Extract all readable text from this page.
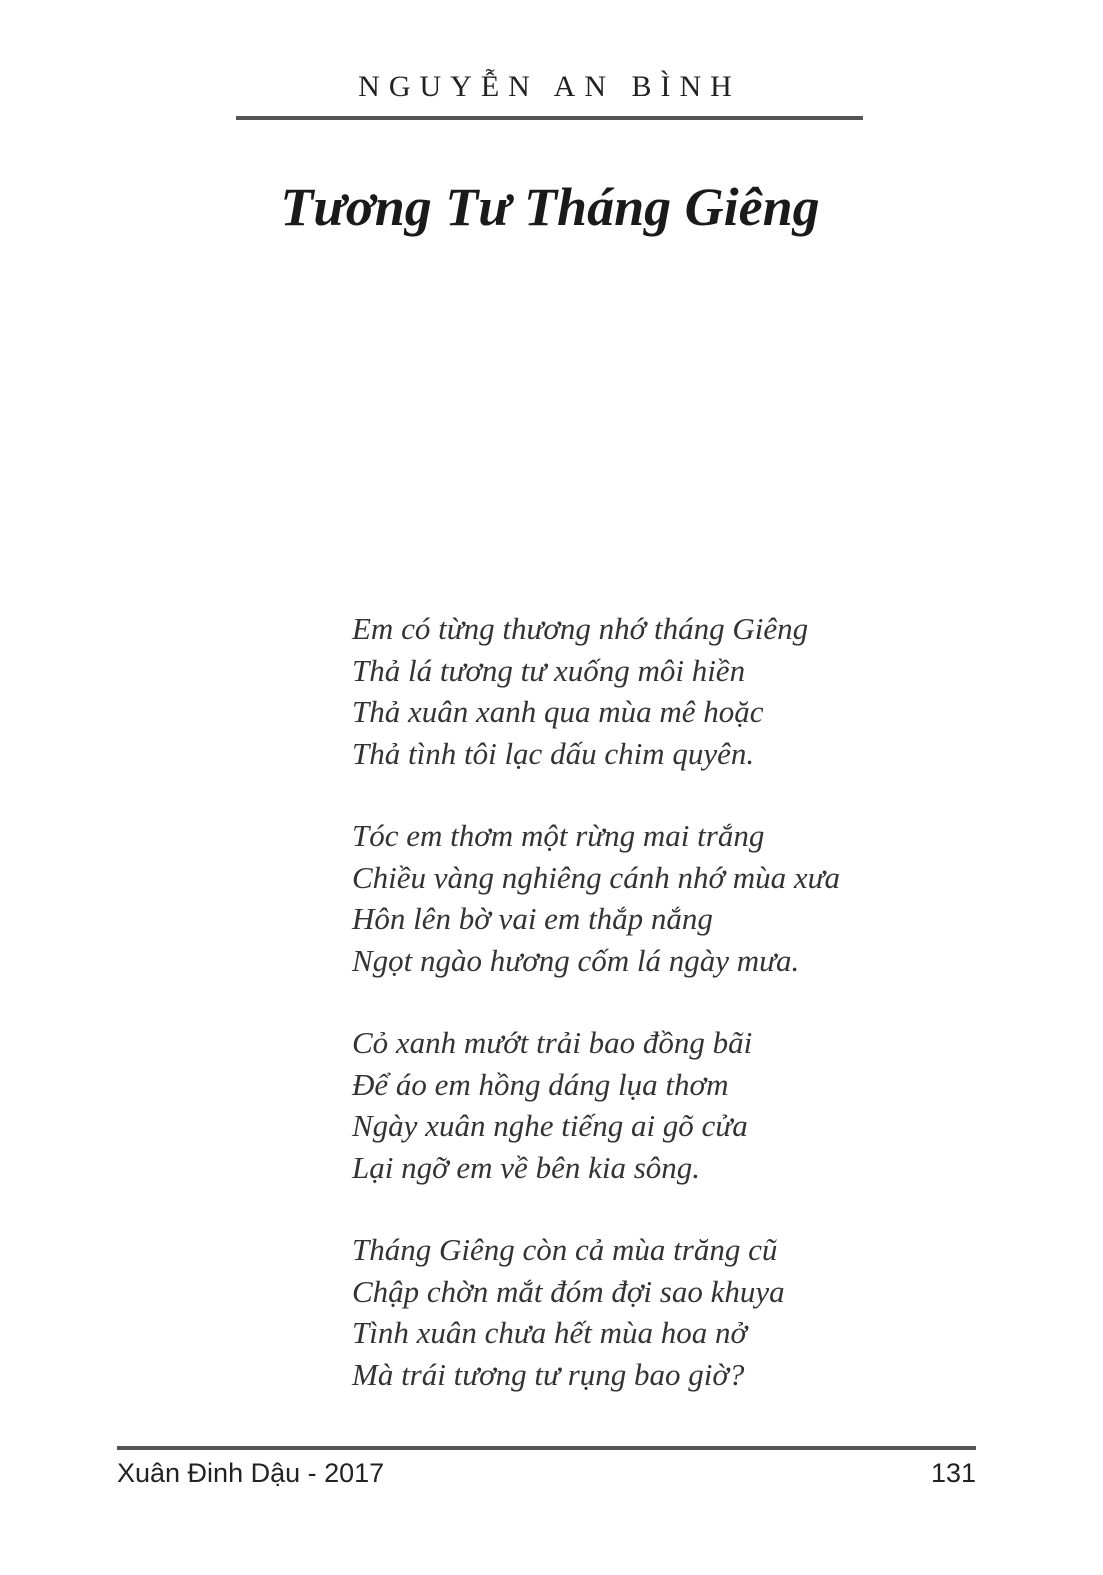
NGUYỄN AN BÌNH
Tương Tư Tháng Giêng
Em có từng thương nhớ tháng Giêng
Thả lá tương tư xuống môi hiền
Thả xuân xanh qua mùa mê hoặc
Thả tình tôi lạc dấu chim quyên.
Tóc em thơm một rừng mai trắng
Chiều vàng nghiêng cánh nhớ mùa xưa
Hôn lên bờ vai em thắp nắng
Ngọt ngào hương cốm lá ngày mưa.
Cỏ xanh mướt trải bao đồng bãi
Để áo em hồng dáng lụa thơm
Ngày xuân nghe tiếng ai gõ cửa
Lại ngỡ em về bên kia sông.
Tháng Giêng còn cả mùa trăng cũ
Chập chờn mắt đóm đợi sao khuya
Tình xuân chưa hết mùa hoa nở
Mà trái tương tư rụng bao giờ?
Xuân Đinh Dậu - 2017	131
